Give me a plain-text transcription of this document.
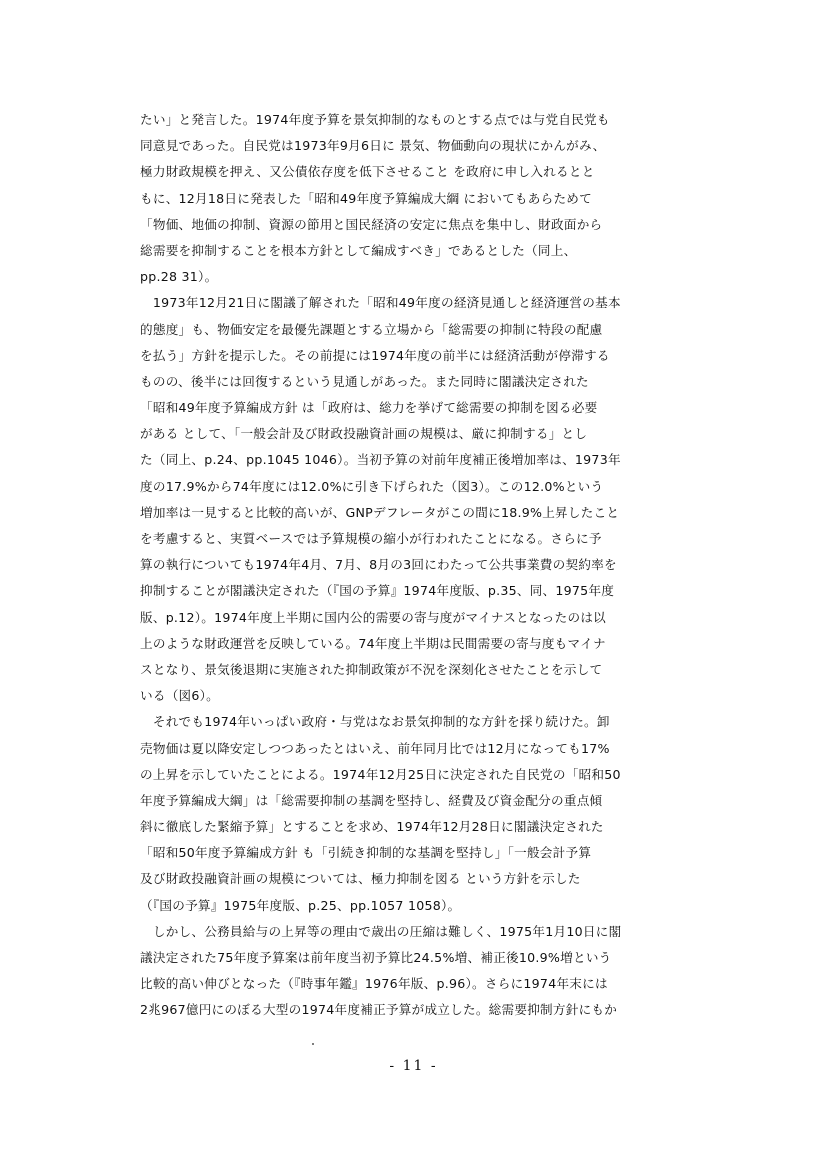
たい」と発言した。1974年度予算を景気抑制的なものとする点では与党自民党も
同意見であった。自民党は1973年9月6日に 景気、物価動向の現状にかんがみ、
極力財政規模を押え、又公債依存度を低下させること を政府に申し入れるとと
もに、12月18日に発表した「昭和49年度予算編成大綱 においてもあらためて
「物価、地価の抑制、資源の節用と国民経済の安定に焦点を集中し、財政面から
総需要を抑制することを根本方針として編成すべき」であるとした（同上、
pp.28 31）。
　1973年12月21日に閣議了解された「昭和49年度の経済見通しと経済運営の基本
的態度」も、物価安定を最優先課題とする立場から「総需要の抑制に特段の配慮
を払う」方針を提示した。その前提には1974年度の前半には経済活動が停滞する
ものの、後半には回復するという見通しがあった。また同時に閣議決定された
「昭和49年度予算編成方針 は「政府は、総力を挙げて総需要の抑制を図る必要
がある として、「一般会計及び財政投融資計画の規模は、厳に抑制する」とし
た（同上、p.24、pp.1045 1046）。当初予算の対前年度補正後増加率は、1973年
度の17.9%から74年度には12.0%に引き下げられた（図3）。この12.0%という
増加率は一見すると比較的高いが、GNPデフレータがこの間に18.9%上昇したこと
を考慮すると、実質ベースでは予算規模の縮小が行われたことになる。さらに予
算の執行についても1974年4月、7月、8月の3回にわたって公共事業費の契約率を
抑制することが閣議決定された（『国の予算』1974年度版、p.35、同、1975年度
版、p.12）。1974年度上半期に国内公的需要の寄与度がマイナスとなったのは以
上のような財政運営を反映している。74年度上半期は民間需要の寄与度もマイナ
スとなり、景気後退期に実施された抑制政策が不況を深刻化させたことを示して
いる（図6）。
　それでも1974年いっぱい政府・与党はなお景気抑制的な方針を採り続けた。卸
売物価は夏以降安定しつつあったとはいえ、前年同月比では12月になっても17%
の上昇を示していたことによる。1974年12月25日に決定された自民党の「昭和50
年度予算編成大綱」は「総需要抑制の基調を堅持し、経費及び資金配分の重点傾
斜に徹底した緊縮予算」とすることを求め、1974年12月28日に閣議決定された
「昭和50年度予算編成方針 も「引続き抑制的な基調を堅持し」「一般会計予算
及び財政投融資計画の規模については、極力抑制を図る という方針を示した
（『国の予算』1975年度版、p.25、pp.1057 1058）。
　しかし、公務員給与の上昇等の理由で歳出の圧縮は難しく、1975年1月10日に閣
議決定された75年度予算案は前年度当初予算比24.5%増、補正後10.9%増という
比較的高い伸びとなった（『時事年鑑』1976年版、p.96）。さらに1974年末には
2兆967億円にのぼる大型の1974年度補正予算が成立した。総需要抑制方針にもか
- 11 -
